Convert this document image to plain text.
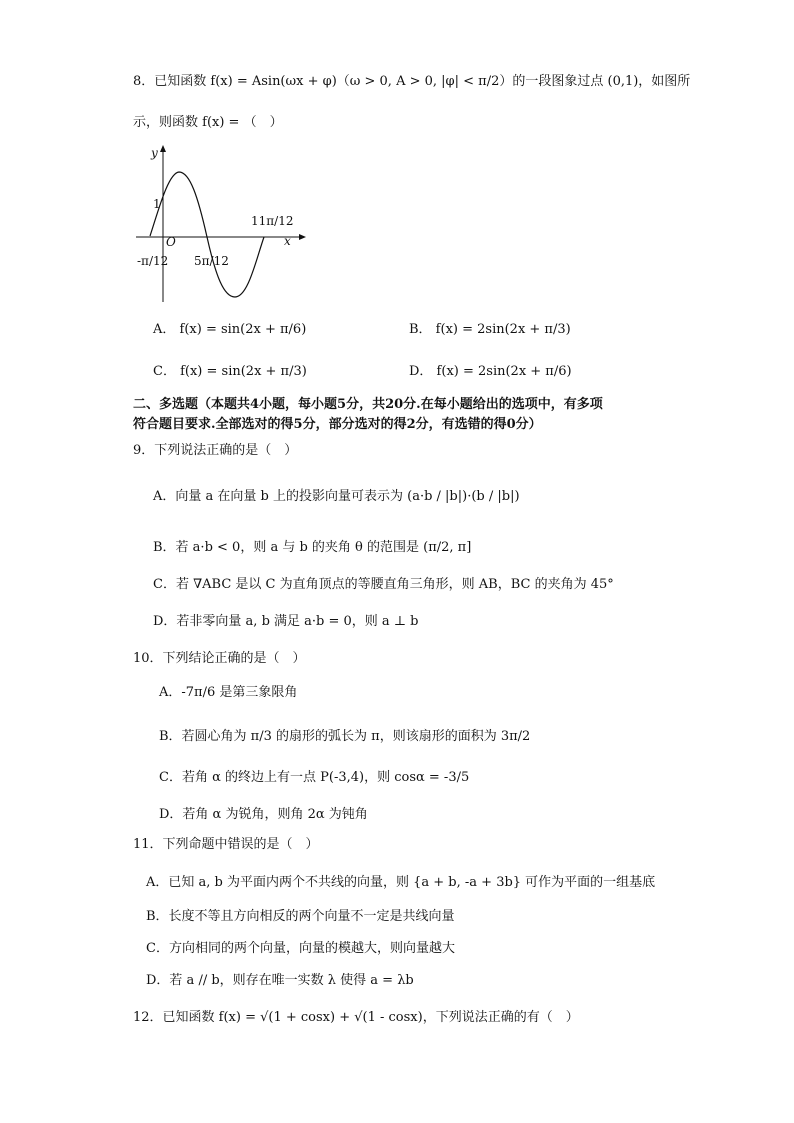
8．已知函数 f(x) = Asin(ωx + φ)（ω > 0, A > 0, |φ| < π/2）的一段图象过点 (0,1)，如图所
示，则函数 f(x) = （　）
y
x
O
1
-π/12 5π/12
11π/12
A． f(x) = sin(2x + π/6)	B． f(x) = 2sin(2x + π/3)
C． f(x) = sin(2x + π/3)	D． f(x) = 2sin(2x + π/6)
二、多选题（本题共4小题，每小题5分，共20分.在每小题给出的选项中，有多项
符合题目要求.全部选对的得5分，部分选对的得2分，有选错的得0分）
9．下列说法正确的是（　）
A．向量 a 在向量 b 上的投影向量可表示为 (a·b / |b|)·(b / |b|)
B．若 a·b < 0，则 a 与 b 的夹角 θ 的范围是 (π/2, π]
C．若 ∇ABC 是以 C 为直角顶点的等腰直角三角形，则 AB，BC 的夹角为 45°
D．若非零向量 a, b 满足 a·b = 0，则 a ⊥ b
10．下列结论正确的是（　）
A．-7π/6 是第三象限角
B．若圆心角为 π/3 的扇形的弧长为 π，则该扇形的面积为 3π/2
C．若角 α 的终边上有一点 P(-3,4)，则 cosα = -3/5
D．若角 α 为锐角，则角 2α 为钝角
11．下列命题中错误的是（　）
A．已知 a, b 为平面内两个不共线的向量，则 {a + b, -a + 3b} 可作为平面的一组基底
B．长度不等且方向相反的两个向量不一定是共线向量
C．方向相同的两个向量，向量的模越大，则向量越大
D．若 a // b，则存在唯一实数 λ 使得 a = λb
12．已知函数 f(x) = √(1 + cosx) + √(1 - cosx)，下列说法正确的有（　）
